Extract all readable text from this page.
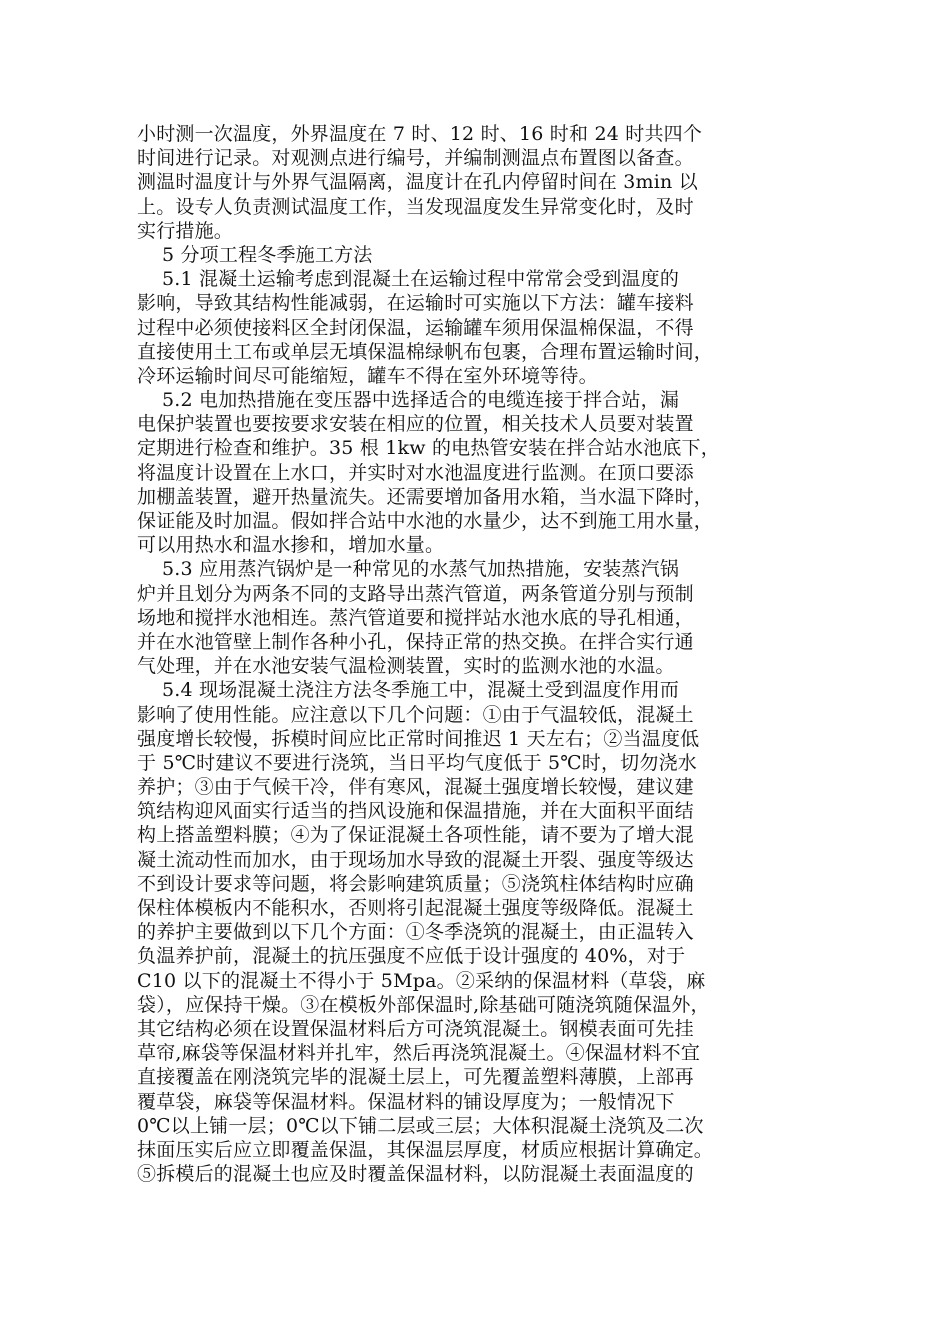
小时测一次温度，外界温度在 7 时、12 时、16 时和 24 时共四个
时间进行记录。对观测点进行编号，并编制测温点布置图以备查。
测温时温度计与外界气温隔离，温度计在孔内停留时间在 3min 以
上。设专人负责测试温度工作，当发现温度发生异常变化时，及时
实行措施。
5 分项工程冬季施工方法
5.1 混凝土运输考虑到混凝土在运输过程中常常会受到温度的
影响，导致其结构性能减弱，在运输时可实施以下方法：罐车接料
过程中必须使接料区全封闭保温，运输罐车须用保温棉保温，不得
直接使用土工布或单层无填保温棉绿帆布包裹，合理布置运输时间，
冷环运输时间尽可能缩短，罐车不得在室外环境等待。
5.2 电加热措施在变压器中选择适合的电缆连接于拌合站，漏
电保护装置也要按要求安装在相应的位置，相关技术人员要对装置
定期进行检查和维护。35 根 1kw 的电热管安装在拌合站水池底下，
将温度计设置在上水口，并实时对水池温度进行监测。在顶口要添
加棚盖装置，避开热量流失。还需要增加备用水箱，当水温下降时，
保证能及时加温。假如拌合站中水池的水量少，达不到施工用水量，
可以用热水和温水掺和，增加水量。
5.3 应用蒸汽锅炉是一种常见的水蒸气加热措施，安装蒸汽锅
炉并且划分为两条不同的支路导出蒸汽管道，两条管道分别与预制
场地和搅拌水池相连。蒸汽管道要和搅拌站水池水底的导孔相通，
并在水池管壁上制作各种小孔，保持正常的热交换。在拌合实行通
气处理，并在水池安装气温检测装置，实时的监测水池的水温。
5.4 现场混凝土浇注方法冬季施工中，混凝土受到温度作用而
影响了使用性能。应注意以下几个问题：①由于气温较低，混凝土
强度增长较慢，拆模时间应比正常时间推迟 1 天左右；②当温度低
于 5℃时建议不要进行浇筑，当日平均气度低于 5℃时，切勿浇水
养护；③由于气候干冷，伴有寒风，混凝土强度增长较慢，建议建
筑结构迎风面实行适当的挡风设施和保温措施，并在大面积平面结
构上搭盖塑料膜；④为了保证混凝土各项性能，请不要为了增大混
凝土流动性而加水，由于现场加水导致的混凝土开裂、强度等级达
不到设计要求等问题，将会影响建筑质量；⑤浇筑柱体结构时应确
保柱体模板内不能积水，否则将引起混凝土强度等级降低。混凝土
的养护主要做到以下几个方面：①冬季浇筑的混凝土，由正温转入
负温养护前，混凝土的抗压强度不应低于设计强度的 40%，对于
C10 以下的混凝土不得小于 5Mpa。②采纳的保温材料（草袋，麻
袋），应保持干燥。③在模板外部保温时,除基础可随浇筑随保温外，
其它结构必须在设置保温材料后方可浇筑混凝土。钢模表面可先挂
草帘,麻袋等保温材料并扎牢，然后再浇筑混凝土。④保温材料不宜
直接覆盖在刚浇筑完毕的混凝土层上，可先覆盖塑料薄膜，上部再
覆草袋，麻袋等保温材料。保温材料的铺设厚度为；一般情况下
0℃以上铺一层；0℃以下铺二层或三层；大体积混凝土浇筑及二次
抹面压实后应立即覆盖保温，其保温层厚度，材质应根据计算确定。
⑤拆模后的混凝土也应及时覆盖保温材料，以防混凝土表面温度的
